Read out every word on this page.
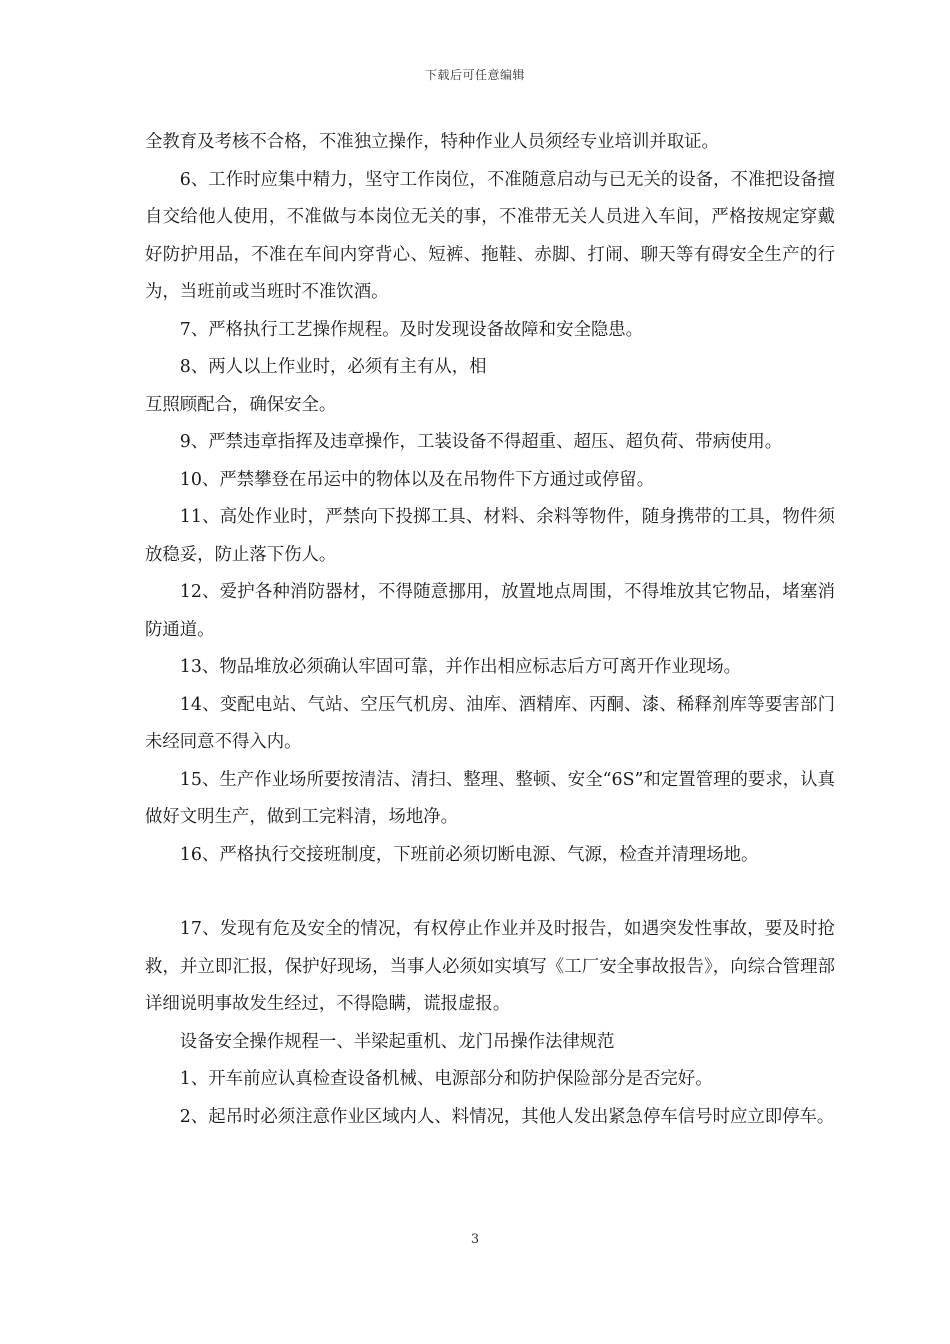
下载后可任意编辑

全教育及考核不合格，不准独立操作，特种作业人员须经专业培训并取证。

6、工作时应集中精力，坚守工作岗位，不准随意启动与已无关的设备，不准把设备擅自交给他人使用，不准做与本岗位无关的事，不准带无关人员进入车间，严格按规定穿戴好防护用品，不准在车间内穿背心、短裤、拖鞋、赤脚、打闹、聊天等有碍安全生产的行为，当班前或当班时不准饮酒。

7、严格执行工艺操作规程。及时发现设备故障和安全隐患。

8、两人以上作业时，必须有主有从，相

互照顾配合，确保安全。

9、严禁违章指挥及违章操作，工装设备不得超重、超压、超负荷、带病使用。

10、严禁攀登在吊运中的物体以及在吊物件下方通过或停留。

11、高处作业时，严禁向下投掷工具、材料、余料等物件，随身携带的工具，物件须放稳妥，防止落下伤人。

12、爱护各种消防器材，不得随意挪用，放置地点周围，不得堆放其它物品，堵塞消防通道。

13、物品堆放必须确认牢固可靠，并作出相应标志后方可离开作业现场。

14、变配电站、气站、空压气机房、油库、酒精库、丙酮、漆、稀释剂库等要害部门未经同意不得入内。

15、生产作业场所要按清洁、清扫、整理、整顿、安全“6S”和定置管理的要求，认真做好文明生产，做到工完料清，场地净。

16、严格执行交接班制度，下班前必须切断电源、气源，检查并清理场地。

17、发现有危及安全的情况，有权停止作业并及时报告，如遇突发性事故，要及时抢救，并立即汇报，保护好现场，当事人必须如实填写《工厂安全事故报告》，向综合管理部详细说明事故发生经过，不得隐瞒，谎报虚报。

设备安全操作规程一、半梁起重机、龙门吊操作法律规范

1、开车前应认真检查设备机械、电源部分和防护保险部分是否完好。

2、起吊时必须注意作业区域内人、料情况，其他人发出紧急停车信号时应立即停车。

3
